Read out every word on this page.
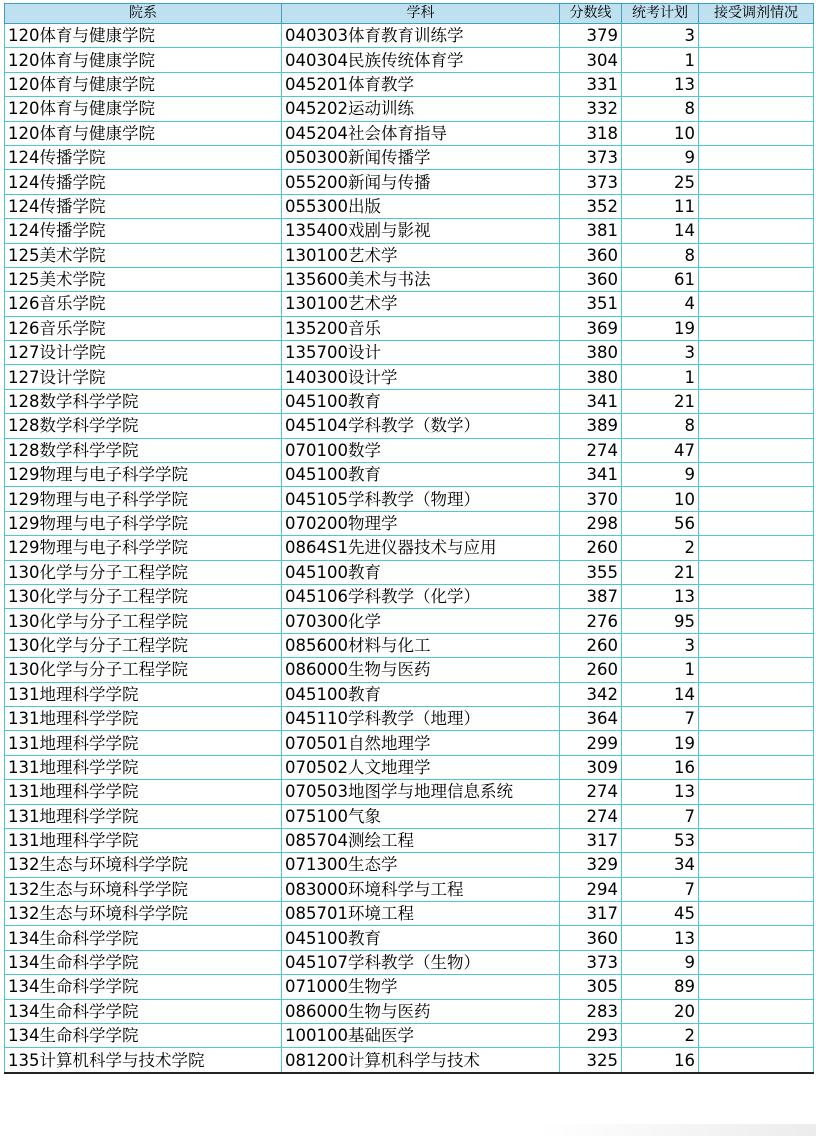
院系	学科	分数线	统考计划	接受调剂情况
120体育与健康学院	040303体育教育训练学	379	3	
120体育与健康学院	040304民族传统体育学	304	1	
120体育与健康学院	045201体育教学	331	13	
120体育与健康学院	045202运动训练	332	8	
120体育与健康学院	045204社会体育指导	318	10	
124传播学院	050300新闻传播学	373	9	
124传播学院	055200新闻与传播	373	25	
124传播学院	055300出版	352	11	
124传播学院	135400戏剧与影视	381	14	
125美术学院	130100艺术学	360	8	
125美术学院	135600美术与书法	360	61	
126音乐学院	130100艺术学	351	4	
126音乐学院	135200音乐	369	19	
127设计学院	135700设计	380	3	
127设计学院	140300设计学	380	1	
128数学科学学院	045100教育	341	21	
128数学科学学院	045104学科教学（数学）	389	8	
128数学科学学院	070100数学	274	47	
129物理与电子科学学院	045100教育	341	9	
129物理与电子科学学院	045105学科教学（物理）	370	10	
129物理与电子科学学院	070200物理学	298	56	
129物理与电子科学学院	0864S1先进仪器技术与应用	260	2	
130化学与分子工程学院	045100教育	355	21	
130化学与分子工程学院	045106学科教学（化学）	387	13	
130化学与分子工程学院	070300化学	276	95	
130化学与分子工程学院	085600材料与化工	260	3	
130化学与分子工程学院	086000生物与医药	260	1	
131地理科学学院	045100教育	342	14	
131地理科学学院	045110学科教学（地理）	364	7	
131地理科学学院	070501自然地理学	299	19	
131地理科学学院	070502人文地理学	309	16	
131地理科学学院	070503地图学与地理信息系统	274	13	
131地理科学学院	075100气象	274	7	
131地理科学学院	085704测绘工程	317	53	
132生态与环境科学学院	071300生态学	329	34	
132生态与环境科学学院	083000环境科学与工程	294	7	
132生态与环境科学学院	085701环境工程	317	45	
134生命科学学院	045100教育	360	13	
134生命科学学院	045107学科教学（生物）	373	9	
134生命科学学院	071000生物学	305	89	
134生命科学学院	086000生物与医药	283	20	
134生命科学学院	100100基础医学	293	2	
135计算机科学与技术学院	081200计算机科学与技术	325	16	
